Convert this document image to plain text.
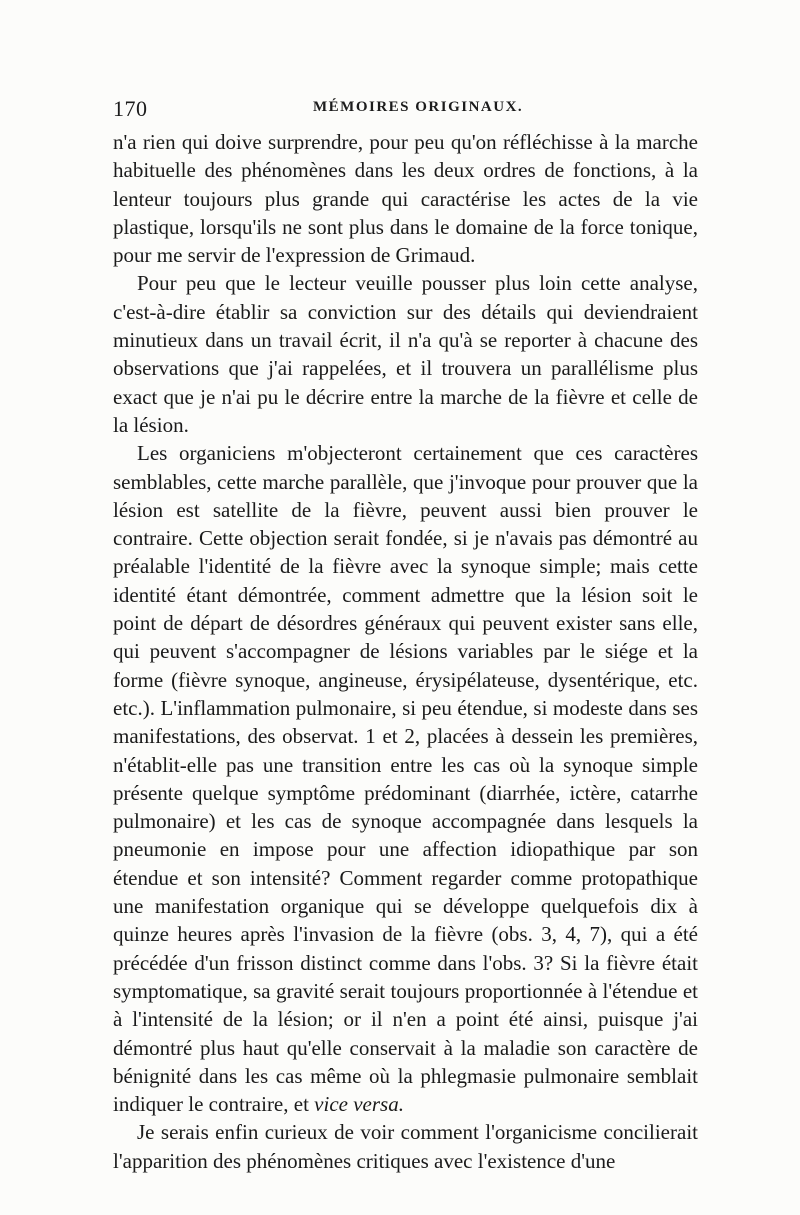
170	MÉMOIRES ORIGINAUX.

n'a rien qui doive surprendre, pour peu qu'on réfléchisse à la marche habituelle des phénomènes dans les deux ordres de fonctions, à la lenteur toujours plus grande qui caractérise les actes de la vie plastique, lorsqu'ils ne sont plus dans le domaine de la force tonique, pour me servir de l'expression de Grimaud.

Pour peu que le lecteur veuille pousser plus loin cette analyse, c'est-à-dire établir sa conviction sur des détails qui deviendraient minutieux dans un travail écrit, il n'a qu'à se reporter à chacune des observations que j'ai rappelées, et il trouvera un parallélisme plus exact que je n'ai pu le décrire entre la marche de la fièvre et celle de la lésion.

Les organiciens m'objecteront certainement que ces caractères semblables, cette marche parallèle, que j'invoque pour prouver que la lésion est satellite de la fièvre, peuvent aussi bien prouver le contraire. Cette objection serait fondée, si je n'avais pas démontré au préalable l'identité de la fièvre avec la synoque simple; mais cette identité étant démontrée, comment admettre que la lésion soit le point de départ de désordres généraux qui peuvent exister sans elle, qui peuvent s'accompagner de lésions variables par le siége et la forme (fièvre synoque, angineuse, érysipélateuse, dysentérique, etc. etc.). L'inflammation pulmonaire, si peu étendue, si modeste dans ses manifestations, des observat. 1 et 2, placées à dessein les premières, n'établit-elle pas une transition entre les cas où la synoque simple présente quelque symptôme prédominant (diarrhée, ictère, catarrhe pulmonaire) et les cas de synoque accompagnée dans lesquels la pneumonie en impose pour une affection idiopathique par son étendue et son intensité? Comment regarder comme protopathique une manifestation organique qui se développe quelquefois dix à quinze heures après l'invasion de la fièvre (obs. 3, 4, 7), qui a été précédée d'un frisson distinct comme dans l'obs. 3? Si la fièvre était symptomatique, sa gravité serait toujours proportionnée à l'étendue et à l'intensité de la lésion; or il n'en a point été ainsi, puisque j'ai démontré plus haut qu'elle conservait à la maladie son caractère de bénignité dans les cas même où la phlegmasie pulmonaire semblait indiquer le contraire, et vice versa.

Je serais enfin curieux de voir comment l'organicisme concilierait l'apparition des phénomènes critiques avec l'existence d'une
